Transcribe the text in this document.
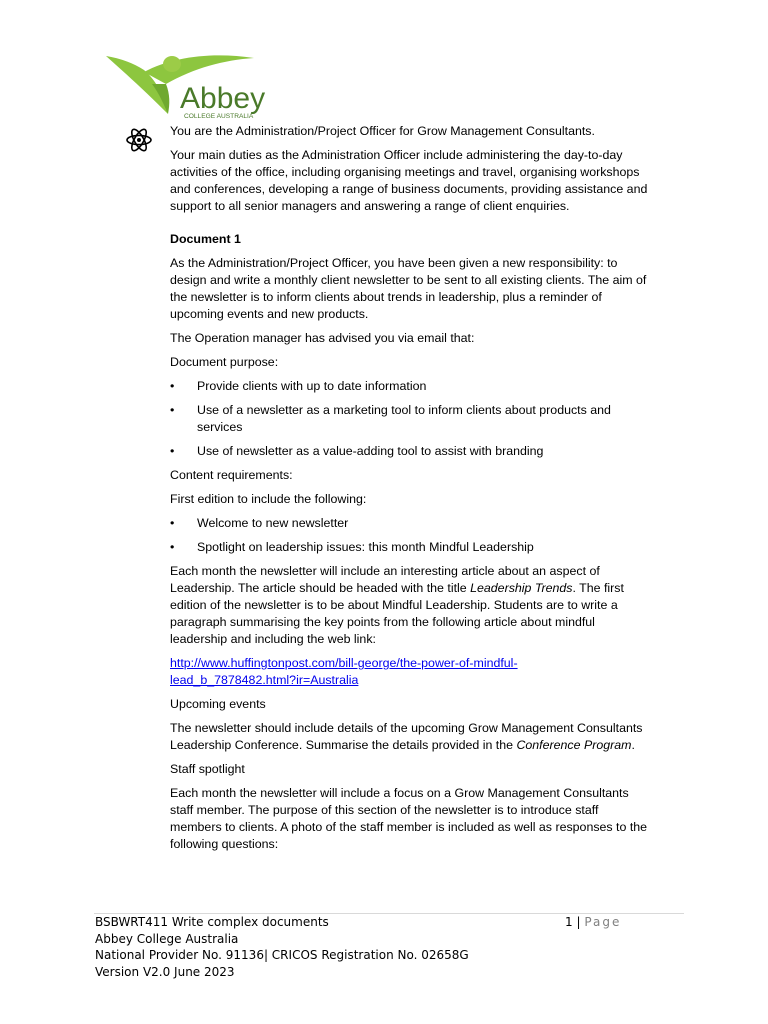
Abbey
COLLEGE AUSTRALIA

You are the Administration/Project Officer for Grow Management Consultants.

Your main duties as the Administration Officer include administering the day-to-day activities of the office, including organising meetings and travel, organising workshops and conferences, developing a range of business documents, providing assistance and support to all senior managers and answering a range of client enquiries.

Document 1

As the Administration/Project Officer, you have been given a new responsibility: to design and write a monthly client newsletter to be sent to all existing clients. The aim of the newsletter is to inform clients about trends in leadership, plus a reminder of upcoming events and new products.

The Operation manager has advised you via email that:

Document purpose:

• Provide clients with up to date information
• Use of a newsletter as a marketing tool to inform clients about products and services
• Use of newsletter as a value-adding tool to assist with branding

Content requirements:

First edition to include the following:

• Welcome to new newsletter
• Spotlight on leadership issues: this month Mindful Leadership

Each month the newsletter will include an interesting article about an aspect of Leadership. The article should be headed with the title Leadership Trends. The first edition of the newsletter is to be about Mindful Leadership. Students are to write a paragraph summarising the key points from the following article about mindful leadership and including the web link:

http://www.huffingtonpost.com/bill-george/the-power-of-mindful-
lead_b_7878482.html?ir=Australia

Upcoming events

The newsletter should include details of the upcoming Grow Management Consultants Leadership Conference. Summarise the details provided in the Conference Program.

Staff spotlight

Each month the newsletter will include a focus on a Grow Management Consultants staff member. The purpose of this section of the newsletter is to introduce staff members to clients. A photo of the staff member is included as well as responses to the following questions:

BSBWRT411 Write complex documents
Abbey College Australia
National Provider No. 91136| CRICOS Registration No. 02658G
Version V2.0 June 2023
1 | Page
